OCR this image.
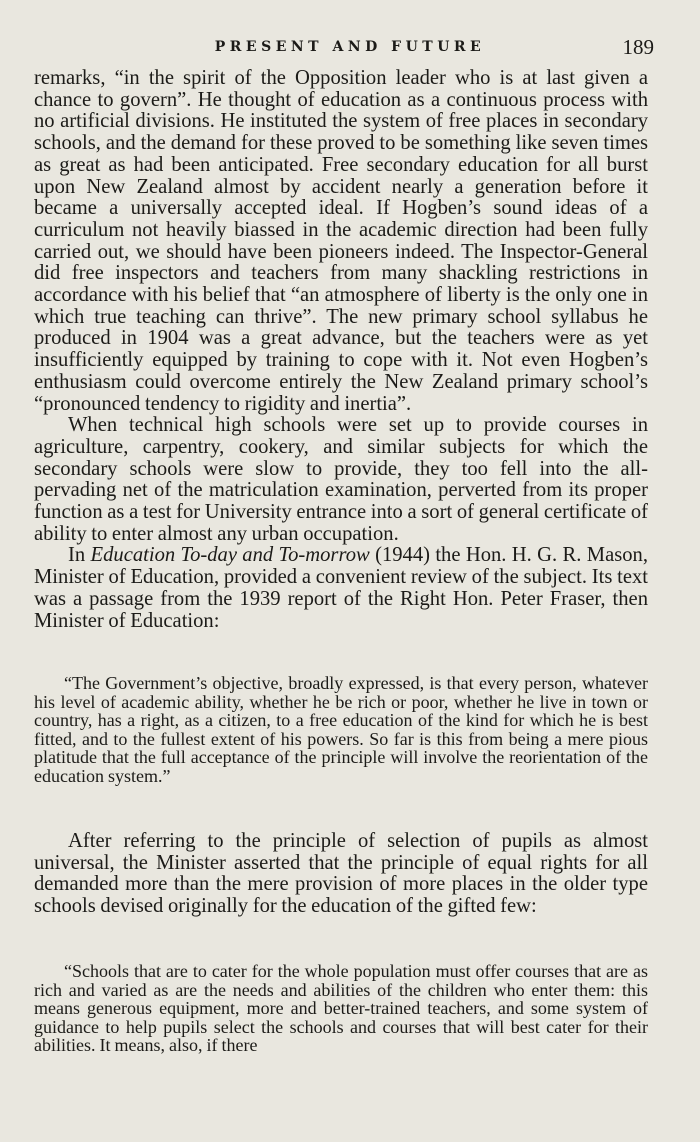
PRESENT AND FUTURE	189

remarks, “in the spirit of the Opposition leader who is at last given a chance to govern”. He thought of education as a continuous process with no artificial divisions. He instituted the system of free places in secondary schools, and the demand for these proved to be something like seven times as great as had been anticipated. Free secondary education for all burst upon New Zealand almost by accident nearly a generation before it became a universally accepted ideal. If Hogben’s sound ideas of a curriculum not heavily biassed in the academic direction had been fully carried out, we should have been pioneers indeed. The Inspector-General did free inspectors and teachers from many shackling restrictions in accordance with his belief that “an atmosphere of liberty is the only one in which true teaching can thrive”. The new primary school syllabus he produced in 1904 was a great advance, but the teachers were as yet insufficiently equipped by training to cope with it. Not even Hogben’s enthusiasm could overcome entirely the New Zealand primary school’s “pronounced tendency to rigidity and inertia”.

When technical high schools were set up to provide courses in agriculture, carpentry, cookery, and similar subjects for which the secondary schools were slow to provide, they too fell into the all-pervading net of the matriculation examination, perverted from its proper function as a test for University entrance into a sort of general certificate of ability to enter almost any urban occupation.

In Education To-day and To-morrow (1944) the Hon. H. G. R. Mason, Minister of Education, provided a convenient review of the subject. Its text was a passage from the 1939 report of the Right Hon. Peter Fraser, then Minister of Education:

“The Government’s objective, broadly expressed, is that every person, whatever his level of academic ability, whether he be rich or poor, whether he live in town or country, has a right, as a citizen, to a free education of the kind for which he is best fitted, and to the fullest extent of his powers. So far is this from being a mere pious platitude that the full acceptance of the principle will involve the reorientation of the education system.”

After referring to the principle of selection of pupils as almost universal, the Minister asserted that the principle of equal rights for all demanded more than the mere provision of more places in the older type schools devised originally for the education of the gifted few:

“Schools that are to cater for the whole population must offer courses that are as rich and varied as are the needs and abilities of the children who enter them: this means generous equipment, more and better-trained teachers, and some system of guidance to help pupils select the schools and courses that will best cater for their abilities. It means, also, if there
